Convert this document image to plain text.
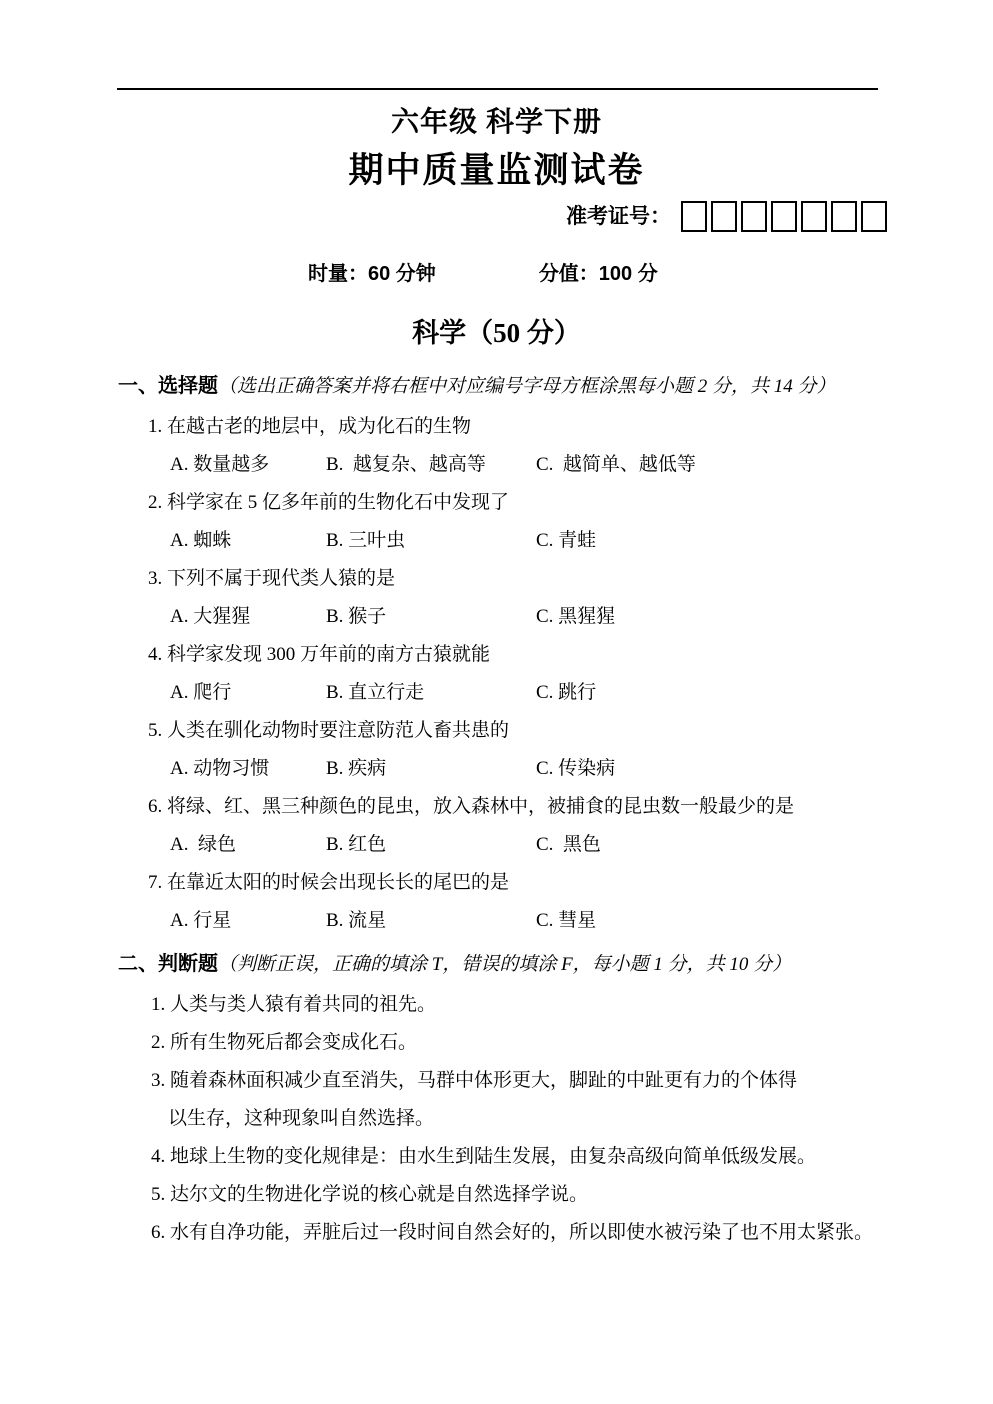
六年级 科学下册
期中质量监测试卷
准考证号：
时量：60 分钟	分值：100 分
科学（50 分）
一、选择题（选出正确答案并将右框中对应编号字母方框涂黑每小题 2 分，共 14 分）
1. 在越古老的地层中，成为化石的生物
A. 数量越多	B.  越复杂、越高等	C.  越简单、越低等
2. 科学家在 5 亿多年前的生物化石中发现了
A. 蜘蛛	B. 三叶虫	C. 青蛙
3. 下列不属于现代类人猿的是
A. 大猩猩	B. 猴子	C. 黑猩猩
4. 科学家发现 300 万年前的南方古猿就能
A. 爬行	B. 直立行走	C. 跳行
5. 人类在驯化动物时要注意防范人畜共患的
A. 动物习惯	B. 疾病	C. 传染病
6. 将绿、红、黑三种颜色的昆虫，放入森林中，被捕食的昆虫数一般最少的是
A.  绿色	B. 红色	C.  黑色
7. 在靠近太阳的时候会出现长长的尾巴的是
A. 行星	B. 流星	C. 彗星
二、判断题（判断正误，正确的填涂 T，错误的填涂 F，每小题 1 分，共 10 分）
1. 人类与类人猿有着共同的祖先。
2. 所有生物死后都会变成化石。
3. 随着森林面积减少直至消失，马群中体形更大，脚趾的中趾更有力的个体得
以生存，这种现象叫自然选择。
4. 地球上生物的变化规律是：由水生到陆生发展，由复杂高级向简单低级发展。
5. 达尔文的生物进化学说的核心就是自然选择学说。
6. 水有自净功能，弄脏后过一段时间自然会好的，所以即使水被污染了也不用太紧张。
